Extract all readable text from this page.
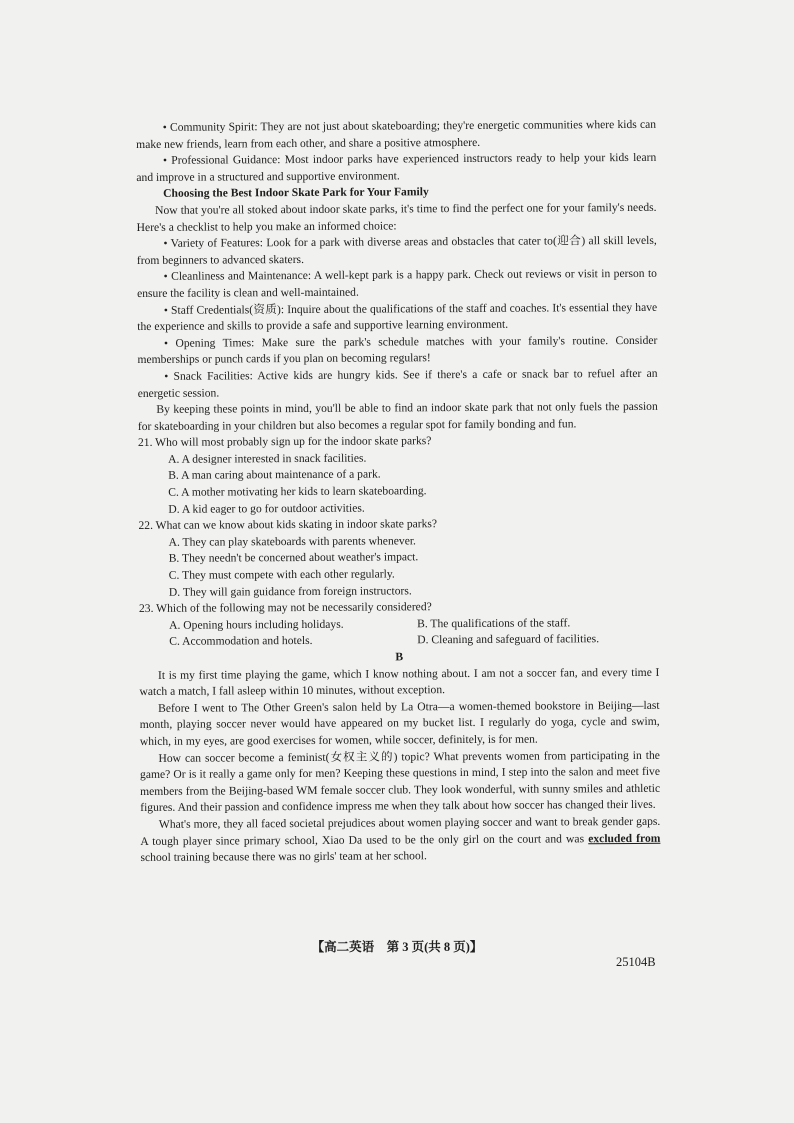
• Community Spirit: They are not just about skateboarding; they're energetic communities where kids can make new friends, learn from each other, and share a positive atmosphere.

• Professional Guidance: Most indoor parks have experienced instructors ready to help your kids learn and improve in a structured and supportive environment.

Choosing the Best Indoor Skate Park for Your Family

Now that you're all stoked about indoor skate parks, it's time to find the perfect one for your family's needs. Here's a checklist to help you make an informed choice:

• Variety of Features: Look for a park with diverse areas and obstacles that cater to(迎合) all skill levels, from beginners to advanced skaters.

• Cleanliness and Maintenance: A well-kept park is a happy park. Check out reviews or visit in person to ensure the facility is clean and well-maintained.

• Staff Credentials(资质): Inquire about the qualifications of the staff and coaches. It's essential they have the experience and skills to provide a safe and supportive learning environment.

• Opening Times: Make sure the park's schedule matches with your family's routine. Consider memberships or punch cards if you plan on becoming regulars!

• Snack Facilities: Active kids are hungry kids. See if there's a cafe or snack bar to refuel after an energetic session.

By keeping these points in mind, you'll be able to find an indoor skate park that not only fuels the passion for skateboarding in your children but also becomes a regular spot for family bonding and fun.

21. Who will most probably sign up for the indoor skate parks?

A. A designer interested in snack facilities.

B. A man caring about maintenance of a park.

C. A mother motivating her kids to learn skateboarding.

D. A kid eager to go for outdoor activities.

22. What can we know about kids skating in indoor skate parks?

A. They can play skateboards with parents whenever.

B. They needn't be concerned about weather's impact.

C. They must compete with each other regularly.

D. They will gain guidance from foreign instructors.

23. Which of the following may not be necessarily considered?

A. Opening hours including holidays.	B. The qualifications of the staff.
C. Accommodation and hotels.	D. Cleaning and safeguard of facilities.

B

It is my first time playing the game, which I know nothing about. I am not a soccer fan, and every time I watch a match, I fall asleep within 10 minutes, without exception.

Before I went to The Other Green's salon held by La Otra—a women-themed bookstore in Beijing—last month, playing soccer never would have appeared on my bucket list. I regularly do yoga, cycle and swim, which, in my eyes, are good exercises for women, while soccer, definitely, is for men.

How can soccer become a feminist(女权主义的) topic? What prevents women from participating in the game? Or is it really a game only for men? Keeping these questions in mind, I step into the salon and meet five members from the Beijing-based WM female soccer club. They look wonderful, with sunny smiles and athletic figures. And their passion and confidence impress me when they talk about how soccer has changed their lives.

What's more, they all faced societal prejudices about women playing soccer and want to break gender gaps. A tough player since primary school, Xiao Da used to be the only girl on the court and was excluded from school training because there was no girls' team at her school.

【高二英语　第 3 页(共 8 页)】
25104B
